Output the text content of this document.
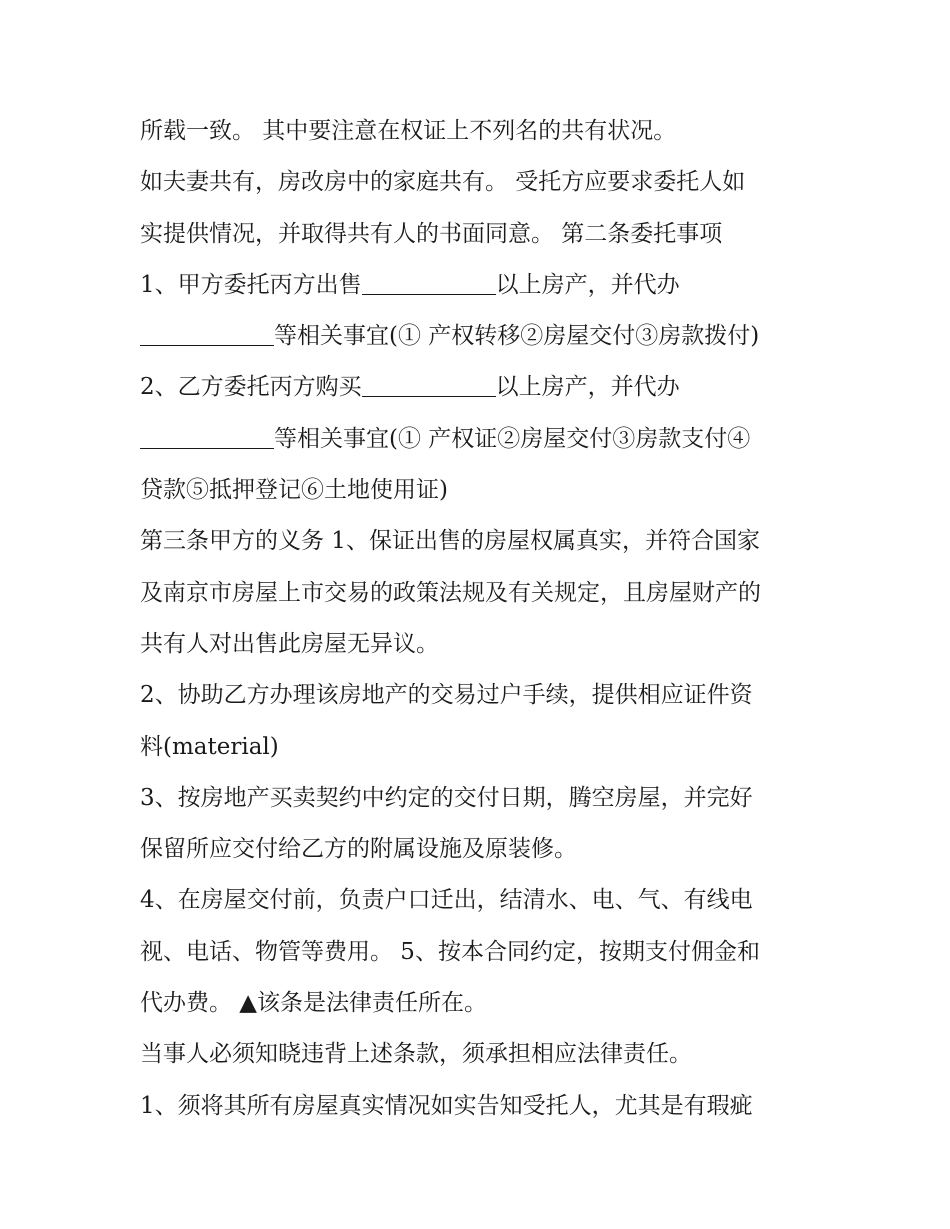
所载一致。 其中要注意在权证上不列名的共有状况。
如夫妻共有，房改房中的家庭共有。 受托方应要求委托人如
实提供情况，并取得共有人的书面同意。 第二条委托事项
1、甲方委托丙方出售	以上房产，并代办
等相关事宜(① 产权转移②房屋交付③房款拨付)
2、乙方委托丙方购买	以上房产，并代办
等相关事宜(① 产权证②房屋交付③房款支付④
贷款⑤抵押登记⑥土地使用证)
第三条甲方的义务 1、保证出售的房屋权属真实，并符合国家
及南京市房屋上市交易的政策法规及有关规定，且房屋财产的
共有人对出售此房屋无异议。
2、协助乙方办理该房地产的交易过户手续，提供相应证件资
料(material)
3、按房地产买卖契约中约定的交付日期，腾空房屋，并完好
保留所应交付给乙方的附属设施及原装修。
4、在房屋交付前，负责户口迁出，结清水、电、气、有线电
视、电话、物管等费用。 5、按本合同约定，按期支付佣金和
代办费。 ▲该条是法律责任所在。
当事人必须知晓违背上述条款，须承担相应法律责任。
1、须将其所有房屋真实情况如实告知受托人，尤其是有瑕疵
